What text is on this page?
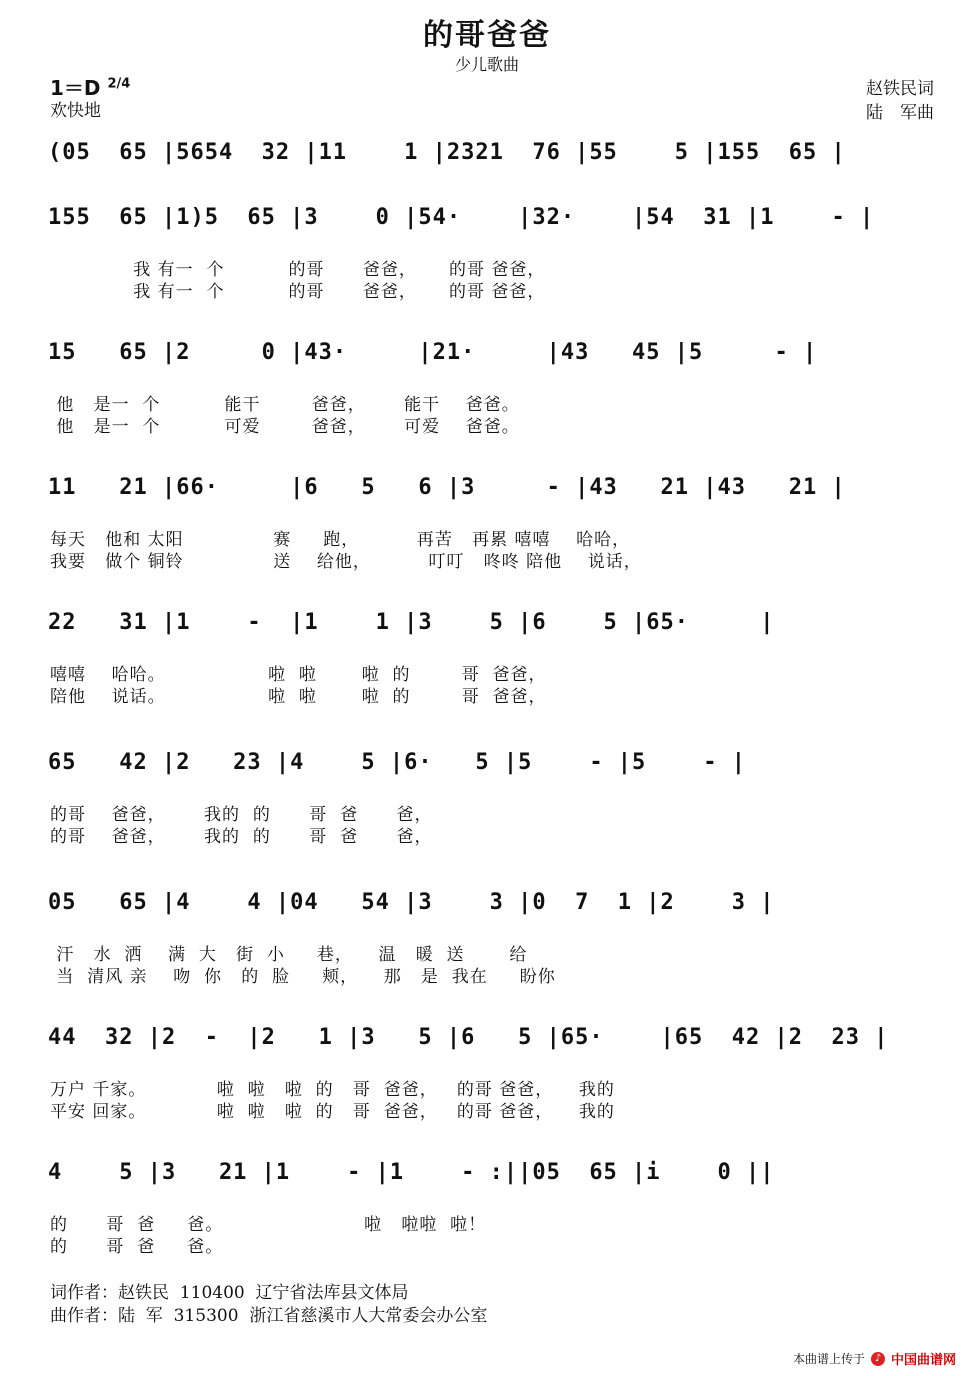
的哥爸爸
少儿歌曲
1＝D $^{2/4}$
欢快地
赵铁民词
陆　军曲
(05  65 |5654  32 |11    1 |2321  76 |55    5 |155  65 |
155  65 |1)5  65 |3    0 |54·    |32·    |54  31 |1    - |
我 有一  个          的哥      爸爸，     的哥 爸爸，
我 有一  个          的哥      爸爸，     的哥 爸爸，
15   65 |2     0 |43·     |21·     |43   45 |5     - |
他   是一  个          能干        爸爸，      能干    爸爸。
他   是一  个          可爱        爸爸，      可爱    爸爸。
11   21 |66·     |6   5   6 |3     - |43   21 |43   21 |
每天   他和 太阳              赛     跑，         再苦   再累 嘻嘻    哈哈，
我要   做个 铜铃              送    给他，         叮叮   咚咚 陪他    说话，
22   31 |1    -  |1    1 |3    5 |6    5 |65·     |
嘻嘻    哈哈。                啦  啦       啦  的        哥  爸爸，
陪他    说话。                啦  啦       啦  的        哥  爸爸，
65   42 |2   23 |4    5 |6·   5 |5    - |5    - |
的哥    爸爸，      我的  的      哥  爸      爸，
的哥    爸爸，      我的  的      哥  爸      爸，
05   65 |4    4 |04   54 |3    3 |0  7  1 |2    3 |
汗   水  洒    满  大   街  小     巷，    温   暖  送       给
当  清风 亲    吻  你   的  脸     颊，    那   是  我在     盼你
44  32 |2  -  |2   1 |3   5 |6   5 |65·    |65  42 |2  23 |
万户 千家。           啦  啦   啦  的   哥  爸爸，   的哥 爸爸，    我的
平安 回家。           啦  啦   啦  的   哥  爸爸，   的哥 爸爸，    我的
4    5 |3   21 |1    - |1    - :||05  65 |i    0 ||
的      哥  爸     爸。                      啦   啦啦  啦！
的      哥  爸     爸。
词作者：赵铁民  110400  辽宁省法库县文体局
曲作者：陆  军  315300  浙江省慈溪市人大常委会办公室
本曲谱上传于 ♪ 中国曲谱网
